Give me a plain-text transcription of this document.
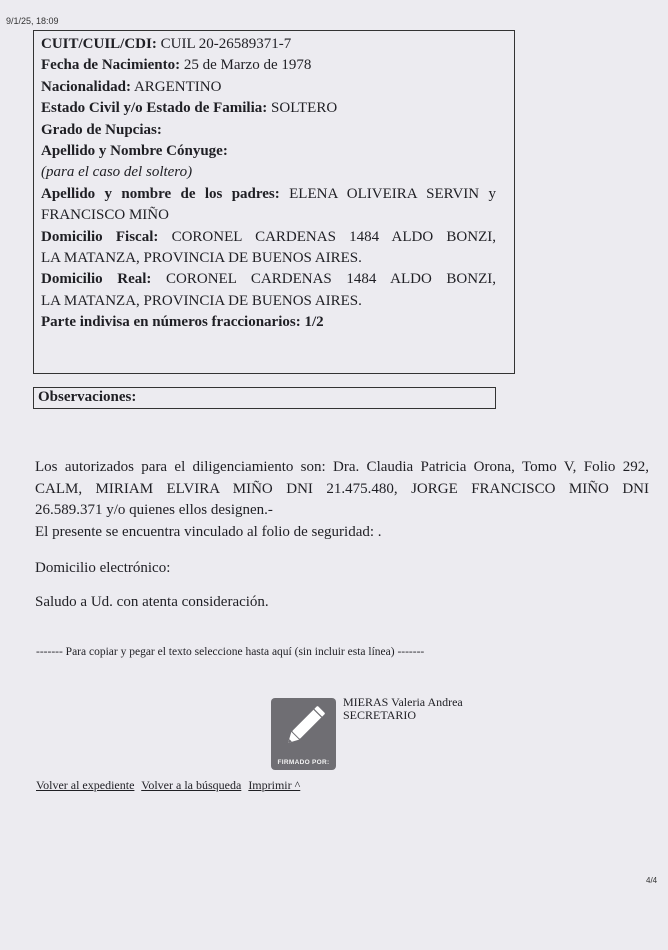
9/1/25, 18:09

CUIT/CUIL/CDI: CUIL 20-26589371-7

Fecha de Nacimiento: 25 de Marzo de 1978

Nacionalidad: ARGENTINO

Estado Civil y/o Estado de Familia: SOLTERO

Grado de Nupcias:

Apellido y Nombre Cónyuge:

(para el caso del soltero)

Apellido y nombre de los padres: ELENA OLIVEIRA SERVIN y

FRANCISCO MIÑO

Domicilio Fiscal: CORONEL CARDENAS 1484 ALDO BONZI,

LA MATANZA, PROVINCIA DE BUENOS AIRES.

Domicilio Real: CORONEL CARDENAS 1484 ALDO BONZI,

LA MATANZA, PROVINCIA DE BUENOS AIRES.

Parte indivisa en números fraccionarios: 1/2

Observaciones:

Los autorizados para el diligenciamiento son: Dra. Claudia Patricia Orona, Tomo V, Folio 292,

CALM, MIRIAM ELVIRA MIÑO DNI 21.475.480, JORGE FRANCISCO MIÑO DNI

26.589.371 y/o quienes ellos designen.-

El presente se encuentra vinculado al folio de seguridad: .

Domicilio electrónico:

Saludo a Ud. con atenta consideración.

------- Para copiar y pegar el texto seleccione hasta aquí (sin incluir esta línea) -------
FIRMADO POR:
MIERAS Valeria Andrea
SECRETARIO
Volver al expediente Volver a la búsqueda Imprimir ^
4/4
